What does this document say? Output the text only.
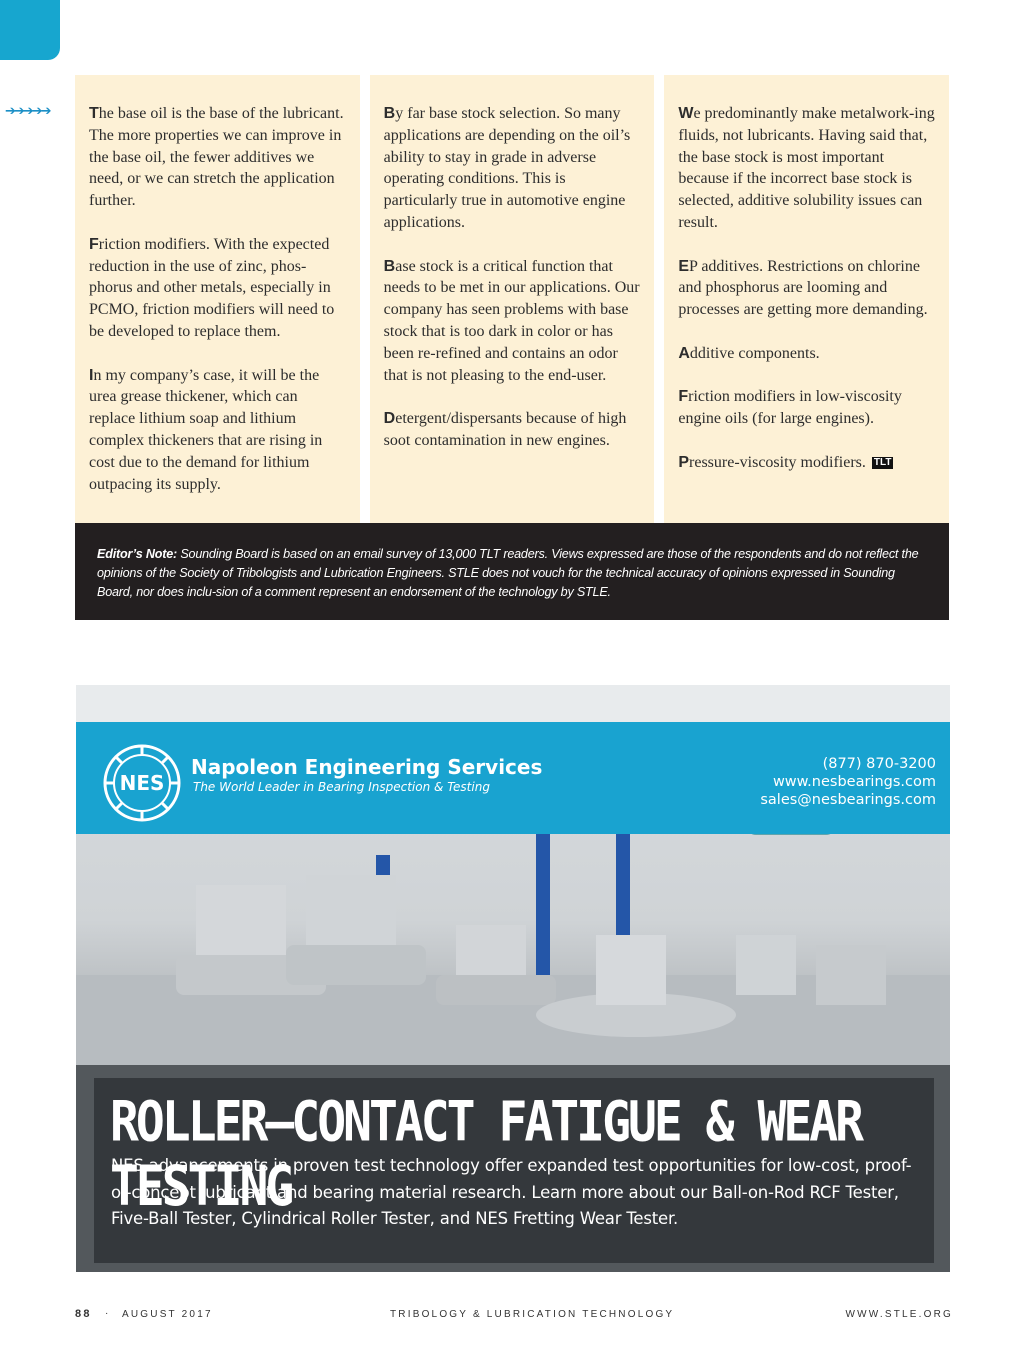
➔➔➔➔➔ The base oil is the base of the lubricant. The more properties we can improve in the base oil, the fewer additives we need, or we can stretch the application further.

Friction modifiers. With the expected reduction in the use of zinc, phos-phorus and other metals, especially in PCMO, friction modifiers will need to be developed to replace them.

In my company’s case, it will be the urea grease thickener, which can replace lithium soap and lithium complex thickeners that are rising in cost due to the demand for lithium outpacing its supply.

By far base stock selection. So many applications are depending on the oil’s ability to stay in grade in adverse operating conditions. This is particularly true in automotive engine applications.

Base stock is a critical function that needs to be met in our applications. Our company has seen problems with base stock that is too dark in color or has been re-refined and contains an odor that is not pleasing to the end-user.

Detergent/dispersants because of high soot contamination in new engines.

We predominantly make metalwork-ing fluids, not lubricants. Having said that, the base stock is most important because if the incorrect base stock is selected, additive solubility issues can result.

EP additives. Restrictions on chlorine and phosphorus are looming and processes are getting more demanding.

Additive components.

Friction modifiers in low-viscosity engine oils (for large engines).

Pressure-viscosity modifiers. TLT

Editor’s Note: Sounding Board is based on an email survey of 13,000 TLT readers. Views expressed are those of the respondents and do not reflect the opinions of the Society of Tribologists and Lubrication Engineers. STLE does not vouch for the technical accuracy of opinions expressed in Sounding Board, nor does inclu-sion of a comment represent an endorsement of the technology by STLE.
NES
Napoleon Engineering Services
The World Leader in Bearing Inspection & Testing
(877) 870-3200
www.nesbearings.com
sales@nesbearings.com
ROLLER–CONTACT FATIGUE & WEAR TESTING
NES advancements in proven test technology offer expanded test opportunities for low-cost, proof-of-concept lubricant and bearing material research. Learn more about our Ball-on-Rod RCF Tester, Five-Ball Tester, Cylindrical Roller Tester, and NES Fretting Wear Tester.
88 · AUGUST 2017	TRIBOLOGY & LUBRICATION TECHNOLOGY	WWW.STLE.ORG
